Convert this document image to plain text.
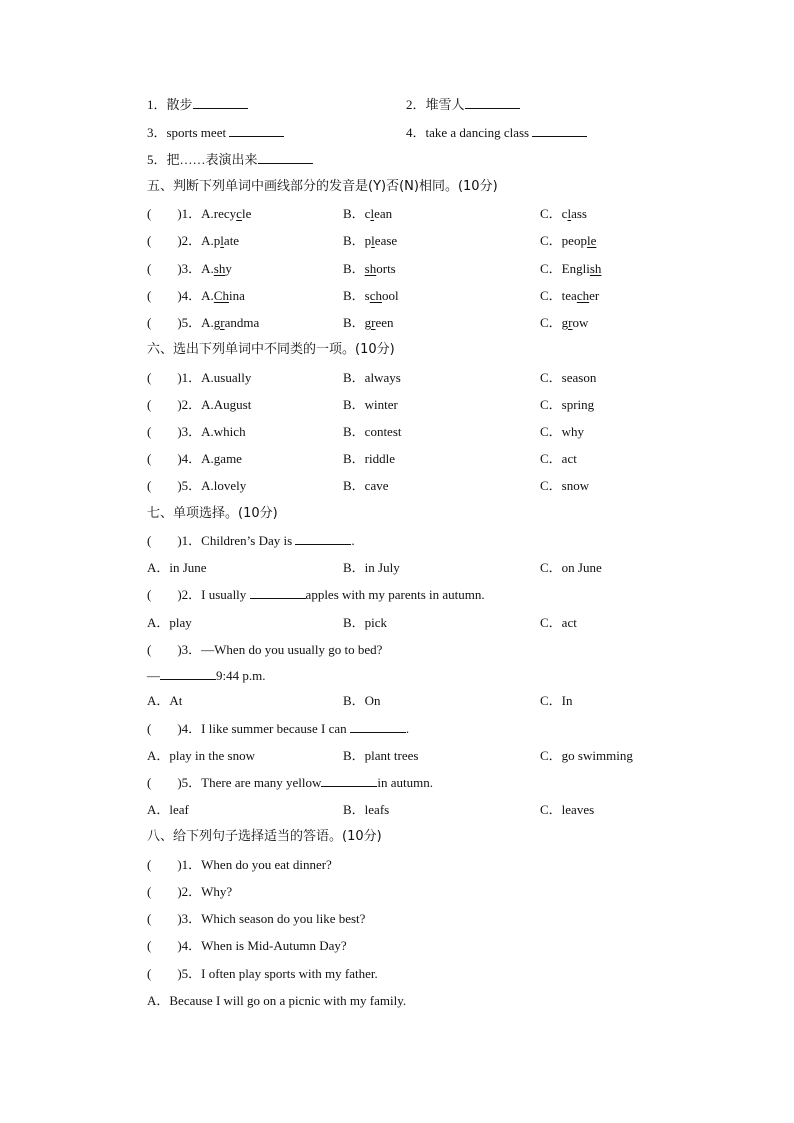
1．散步	2．堆雪人
3．sports meet	4．take a dancing class
5．把……表演出来
五、判断下列单词中画线部分的发音是(Y)否(N)相同。(10分)
(　　)1．A.recycle	B．clean	C．class
(　　)2．A.plate	B．please	C．people
(　　)3．A.shy	B．shorts	C．English
(　　)4．A.China	B．school	C．teacher
(　　)5．A.grandma	B．green	C．grow
六、选出下列单词中不同类的一项。(10分)
(　　)1．A.usually	B．always	C．season
(　　)2．A.August	B．winter	C．spring
(　　)3．A.which	B．contest	C．why
(　　)4．A.game	B．riddle	C．act
(　　)5．A.lovely	B．cave	C．snow
七、单项选择。(10分)
(　　)1．Children’s Day is	.
A．in June	B．in July	C．on June
(　　)2．I usually	apples with my parents in autumn.
A．play	B．pick	C．act
(　　)3．—When do you usually go to bed?
—	9:44 p.m.
A．At	B．On	C．In
(　　)4．I like summer because I can	.
A．play in the snow	B．plant trees	C．go swimming
(　　)5．There are many yellow	in autumn.
A．leaf	B．leafs	C．leaves
八、给下列句子选择适当的答语。(10分)
(　　)1．When do you eat dinner?
(　　)2．Why?
(　　)3．Which season do you like best?
(　　)4．When is Mid-Autumn Day?
(　　)5．I often play sports with my father.
A．Because I will go on a picnic with my family.
